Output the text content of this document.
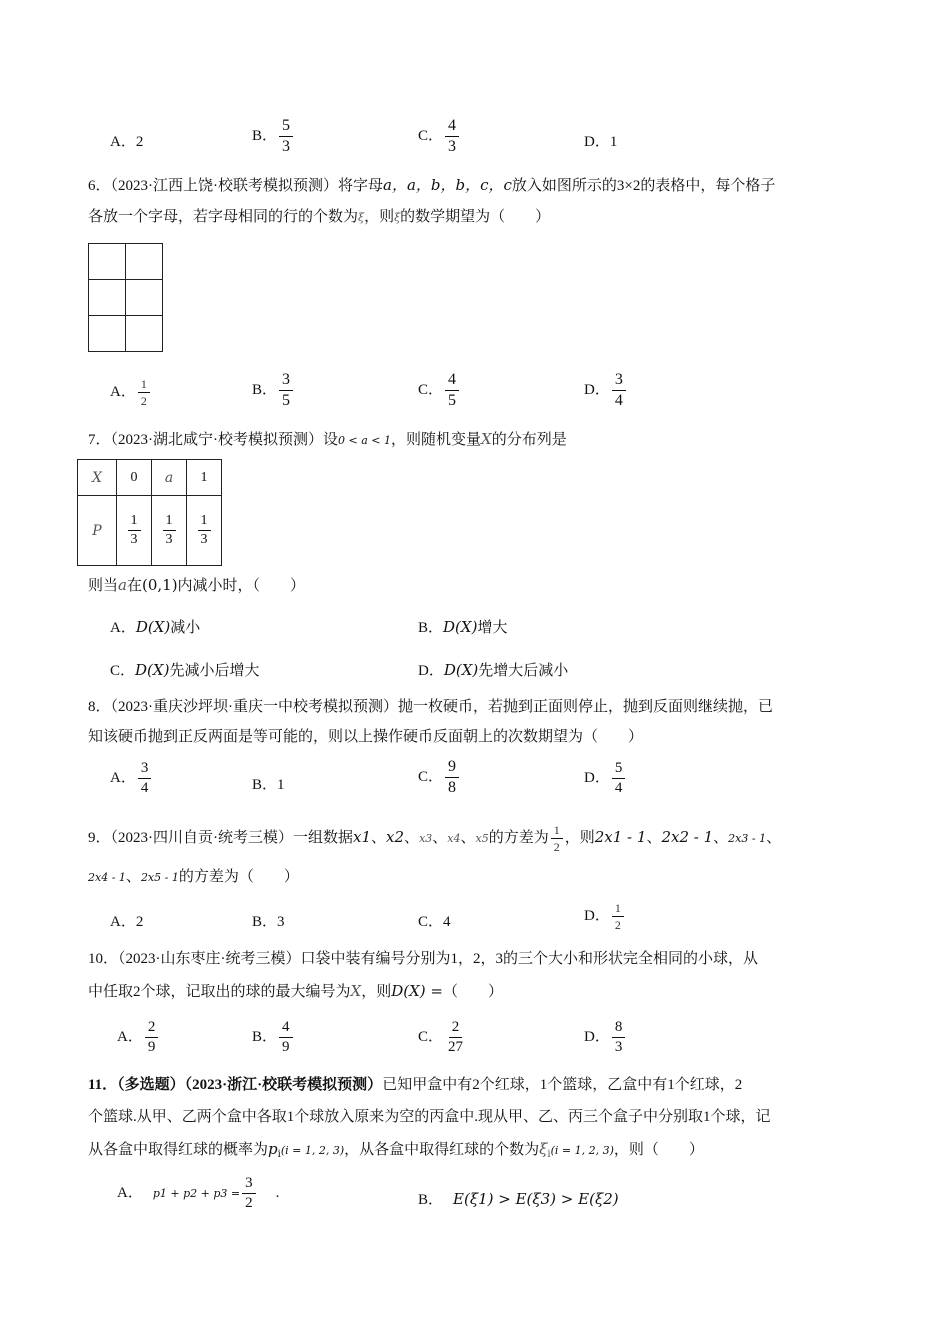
A．2	B． $\frac{5}{3}$	C． $\frac{4}{3}$	D．1
6．（2023·江西上饶·校联考模拟预测）将字母a，a，b，b，c，c放入如图所示的3×2的表格中，每个格子
各放一个字母，若字母相同的行的个数为ξ，则ξ的数学期望为（　　）

A． $\frac{1}{2}$	B． $\frac{3}{5}$	C． $\frac{4}{5}$	D． $\frac{3}{4}$
7．（2023·湖北咸宁·校考模拟预测）设0 < a < 1，则随机变量X的分布列是
X	0	a	1
P	$\frac{1}{3}$	$\frac{1}{3}$	$\frac{1}{3}$
则当a在(0,1)内减小时，（　　）
A．D(X)减小	B．D(X)增大
C．D(X)先减小后增大	D．D(X)先增大后减小
8．（2023·重庆沙坪坝·重庆一中校考模拟预测）抛一枚硬币，若抛到正面则停止，抛到反面则继续抛，已
知该硬币抛到正反两面是等可能的，则以上操作硬币反面朝上的次数期望为（　　）
A． $\frac{3}{4}$	B．1
C． $\frac{9}{8}$	D． $\frac{5}{4}$
9．（2023·四川自贡·统考三模）一组数据x1、x2、x3、x4、x5的方差为 $\frac{1}{2}$ ，则2x1 - 1、2x2 - 1、2x3 - 1、
2x4 - 1、2x5 - 1的方差为（　　）
A．2	B．3	C．4	D． $\frac{1}{2}$
10．（2023·山东枣庄·统考三模）口袋中装有编号分别为1，2，3的三个大小和形状完全相同的小球，从
中任取2个球，记取出的球的最大编号为X，则D(X) =（　　）
A． $\frac{2}{9}$	B． $\frac{4}{9}$	C． $\frac{2}{27}$	D． $\frac{8}{3}$
11．（多选题）（2023·浙江·校联考模拟预测）已知甲盒中有2个红球，1个篮球，乙盒中有1个红球，2
个篮球.从甲、乙两个盒中各取1个球放入原来为空的丙盒中.现从甲、乙、丙三个盒子中分别取1个球，记
从各盒中取得红球的概率为$p_i(i = 1$, 2, 3)，从各盒中取得红球的个数为$\xi_i(i = 1$, 2, 3)，则（　　）
A． $p1 + p2 + p3 = \frac{3}{2}$ .	B． E(ξ1) > E(ξ3) > E(ξ2)
